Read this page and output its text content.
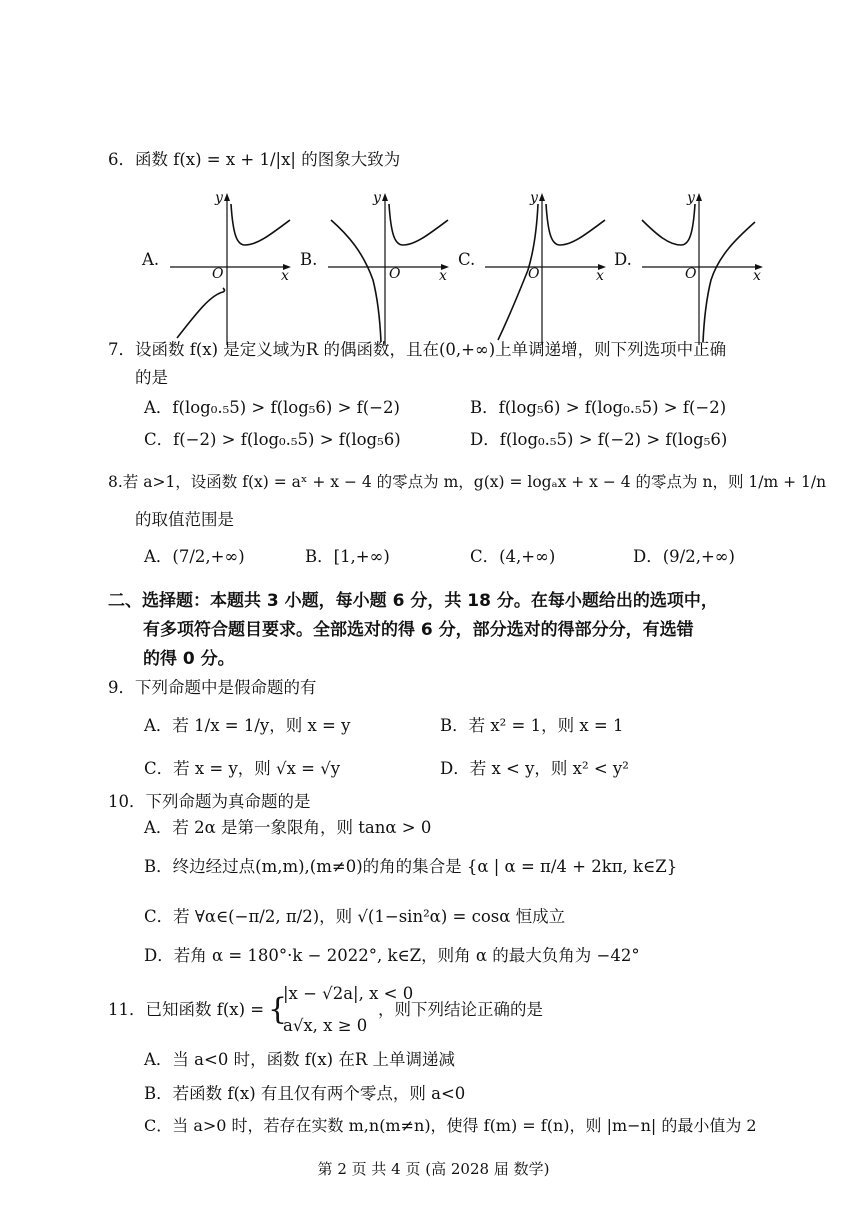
6．函数 f(x) = x + 1/|x| 的图象大致为
A.
y
x
O
B.
y
x
O
C.
y
x
O
D.
y
x
O
7．设函数 f(x) 是定义域为R 的偶函数，且在(0,+∞)上单调递增，则下列选项中正确
的是
A．f(log₀.₅5) > f(log₅6) > f(−2)	B．f(log₅6) > f(log₀.₅5) > f(−2)
C．f(−2) > f(log₀.₅5) > f(log₅6)	D．f(log₀.₅5) > f(−2) > f(log₅6)
8.若 a>1，设函数 f(x) = aˣ + x − 4 的零点为 m，g(x) = logₐx + x − 4 的零点为 n，则 1/m + 1/n
的取值范围是
A．(7/2,+∞)	B．[1,+∞)	C．(4,+∞)	D．(9/2,+∞)
二、选择题：本题共 3 小题，每小题 6 分，共 18 分。在每小题给出的选项中，
有多项符合题目要求。全部选对的得 6 分，部分选对的得部分分，有选错
的得 0 分。
9．下列命题中是假命题的有
A．若 1/x = 1/y，则 x = y	B．若 x² = 1，则 x = 1
C．若 x = y，则 √x = √y	D．若 x < y，则 x² < y²
10．下列命题为真命题的是
A．若 2α 是第一象限角，则 tanα > 0
B．终边经过点(m,m),(m≠0)的角的集合是 {α | α = π/4 + 2kπ, k∈Z}
C．若 ∀α∈(−π/2, π/2)，则 √(1−sin²α) = cosα 恒成立
D．若角 α = 180°·k − 2022°, k∈Z，则角 α 的最大负角为 −42°
11．已知函数 f(x) = {
|x − √2a|, x < 0
a√x, x ≥ 0
，则下列结论正确的是
A．当 a<0 时，函数 f(x) 在R 上单调递减
B．若函数 f(x) 有且仅有两个零点，则 a<0
C．当 a>0 时，若存在实数 m,n(m≠n)，使得 f(m) = f(n)，则 |m−n| 的最小值为 2
第 2 页 共 4 页 (高 2028 届 数学)
